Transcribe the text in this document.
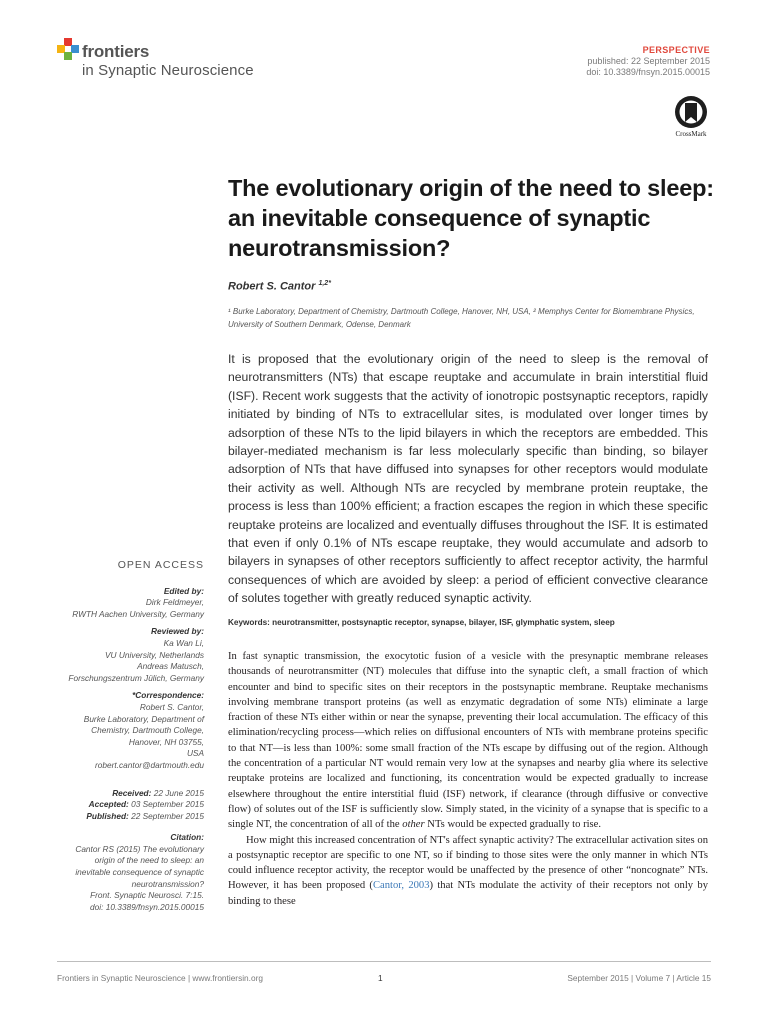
frontiers
in Synaptic Neuroscience
PERSPECTIVE
published: 22 September 2015
doi: 10.3389/fnsyn.2015.00015
CrossMark
The evolutionary origin of the need to sleep: an inevitable consequence of synaptic neurotransmission?
Robert S. Cantor $^{1,2*}$
¹ Burke Laboratory, Department of Chemistry, Dartmouth College, Hanover, NH, USA, ² Memphys Center for Biomembrane Physics, University of Southern Denmark, Odense, Denmark
It is proposed that the evolutionary origin of the need to sleep is the removal of neurotransmitters (NTs) that escape reuptake and accumulate in brain interstitial fluid (ISF). Recent work suggests that the activity of ionotropic postsynaptic receptors, rapidly initiated by binding of NTs to extracellular sites, is modulated over longer times by adsorption of these NTs to the lipid bilayers in which the receptors are embedded. This bilayer-mediated mechanism is far less molecularly specific than binding, so bilayer adsorption of NTs that have diffused into synapses for other receptors would modulate their activity as well. Although NTs are recycled by membrane protein reuptake, the process is less than 100% efficient; a fraction escapes the region in which these specific reuptake proteins are localized and eventually diffuses throughout the ISF. It is estimated that even if only 0.1% of NTs escape reuptake, they would accumulate and adsorb to bilayers in synapses of other receptors sufficiently to affect receptor activity, the harmful consequences of which are avoided by sleep: a period of efficient convective clearance of solutes together with greatly reduced synaptic activity.
Keywords: neurotransmitter, postsynaptic receptor, synapse, bilayer, ISF, glymphatic system, sleep

In fast synaptic transmission, the exocytotic fusion of a vesicle with the presynaptic membrane releases thousands of neurotransmitter (NT) molecules that diffuse into the synaptic cleft, a small fraction of which encounter and bind to specific sites on their receptors in the postsynaptic membrane. Reuptake mechanisms involving membrane transport proteins (as well as enzymatic degradation of some NTs) eliminate a large fraction of these NTs either within or near the synapse, preventing their local accumulation. The efficacy of this elimination/recycling process—which relies on diffusional encounters of NTs with membrane proteins specific to that NT—is less than 100%: some small fraction of the NTs escape by diffusing out of the region. Although the concentration of a particular NT would remain very low at the synapses and nearby glia where its selective reuptake proteins are localized and functioning, its concentration would be expected gradually to increase elsewhere throughout the entire interstitial fluid (ISF) network, if clearance (through diffusive or convective flow) of solutes out of the ISF is sufficiently slow. Simply stated, in the vicinity of a synapse that is specific to a single NT, the concentration of all of the other NTs would be expected gradually to rise.

How might this increased concentration of NT's affect synaptic activity? The extracellular activation sites on a postsynaptic receptor are specific to one NT, so if binding to those sites were the only manner in which NTs could influence receptor activity, the receptor would be unaffected by the presence of other “noncognate” NTs. However, it has been proposed (Cantor, 2003) that NTs modulate the activity of their receptors not only by binding to these

OPEN ACCESS
Edited by:
Dirk Feldmeyer,
RWTH Aachen University, Germany
Reviewed by:
Ka Wan Li,
VU University, Netherlands
Andreas Matusch,
Forschungszentrum Jülich, Germany
*Correspondence:
Robert S. Cantor,
Burke Laboratory, Department of
Chemistry, Dartmouth College,
Hanover, NH 03755,
USA
robert.cantor@dartmouth.edu
Received: 22 June 2015
Accepted: 03 September 2015
Published: 22 September 2015
Citation:
Cantor RS (2015) The evolutionary
origin of the need to sleep: an
inevitable consequence of synaptic
neurotransmission?
Front. Synaptic Neurosci. 7:15.
doi: 10.3389/fnsyn.2015.00015
Frontiers in Synaptic Neuroscience | www.frontiersin.org	1	September 2015 | Volume 7 | Article 15
